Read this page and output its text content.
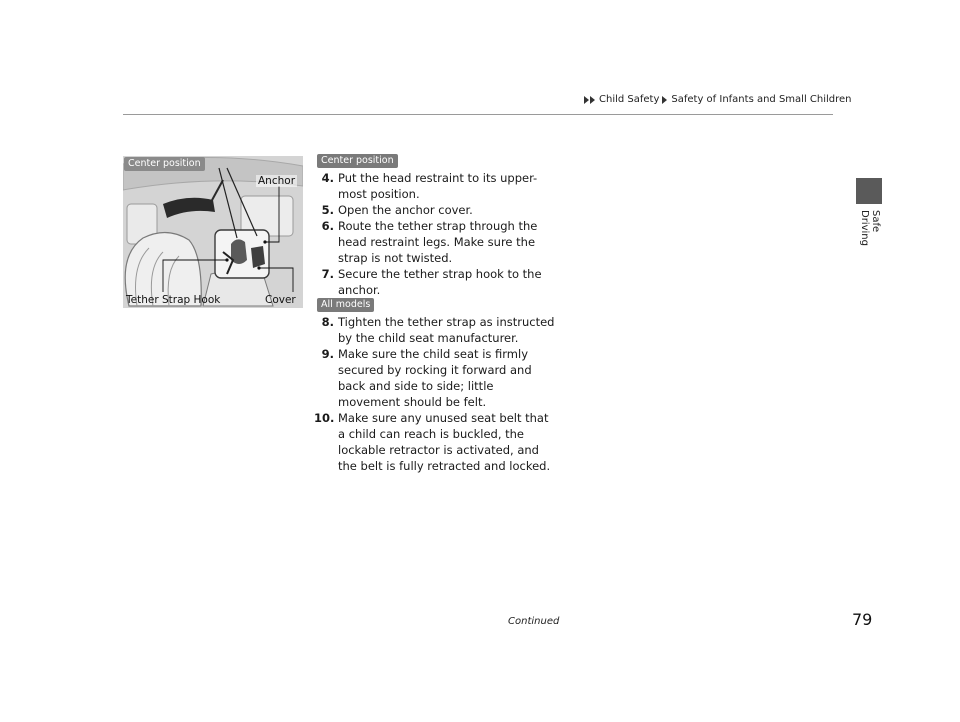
Child Safety Safety of Infants and Small Children
Safe Driving
Center position
Anchor
Tether Strap Hook	Cover
Center position
4. Put the head restraint to its upper-most position.
5. Open the anchor cover.
6. Route the tether strap through the head restraint legs. Make sure the strap is not twisted.
7. Secure the tether strap hook to the anchor.
All models
8. Tighten the tether strap as instructed by the child seat manufacturer.
9. Make sure the child seat is firmly secured by rocking it forward and back and side to side; little movement should be felt.
10. Make sure any unused seat belt that a child can reach is buckled, the lockable retractor is activated, and the belt is fully retracted and locked.
Continued	79
